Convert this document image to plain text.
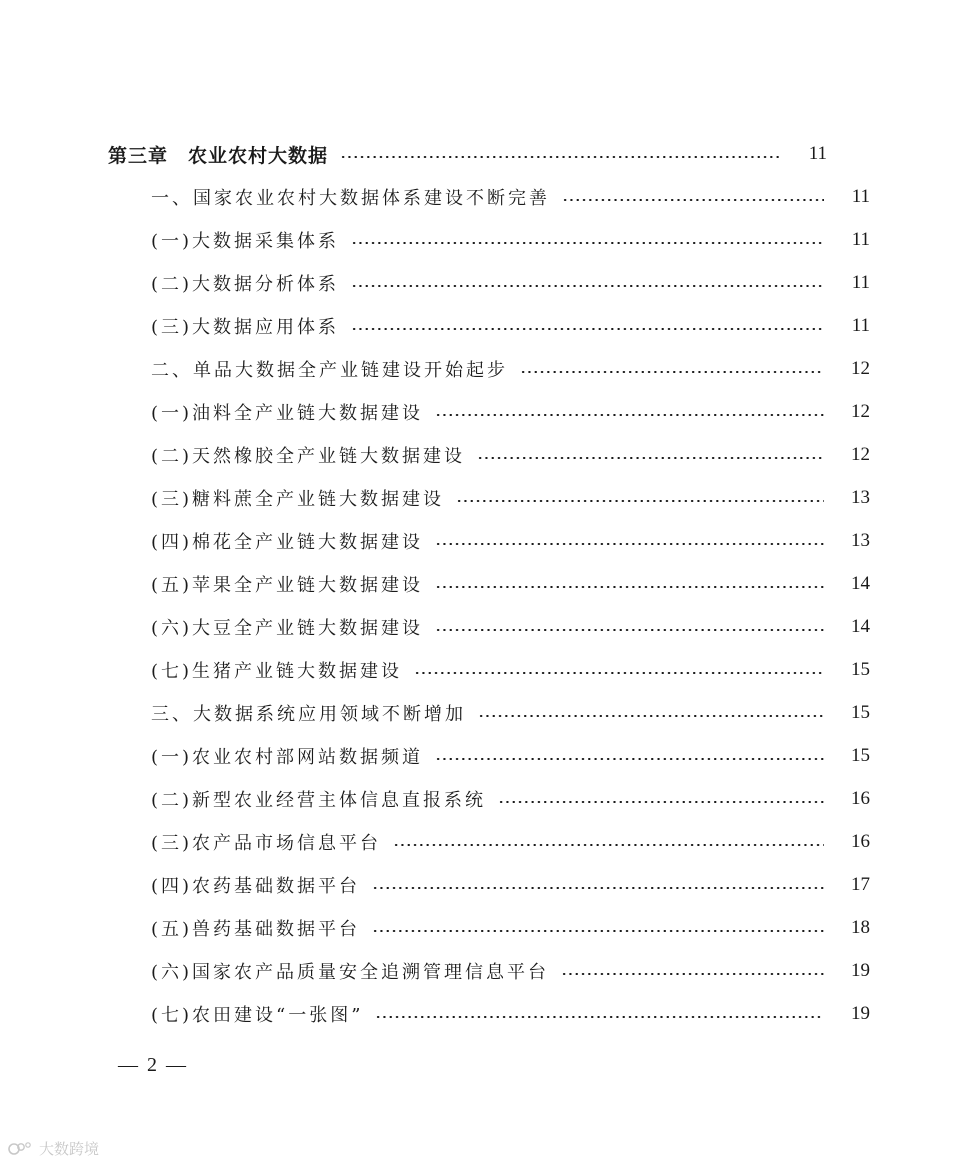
第三章　农业农村大数据	11
一、国家农业农村大数据体系建设不断完善	11
(一)大数据采集体系	11
(二)大数据分析体系	11
(三)大数据应用体系	11
二、单品大数据全产业链建设开始起步	12
(一)油料全产业链大数据建设	12
(二)天然橡胶全产业链大数据建设	12
(三)糖料蔗全产业链大数据建设	13
(四)棉花全产业链大数据建设	13
(五)苹果全产业链大数据建设	14
(六)大豆全产业链大数据建设	14
(七)生猪产业链大数据建设	15
三、大数据系统应用领域不断增加	15
(一)农业农村部网站数据频道	15
(二)新型农业经营主体信息直报系统	16
(三)农产品市场信息平台	16
(四)农药基础数据平台	17
(五)兽药基础数据平台	18
(六)国家农产品质量安全追溯管理信息平台	19
(七)农田建设“一张图”	19
— 2 —
大数跨境
